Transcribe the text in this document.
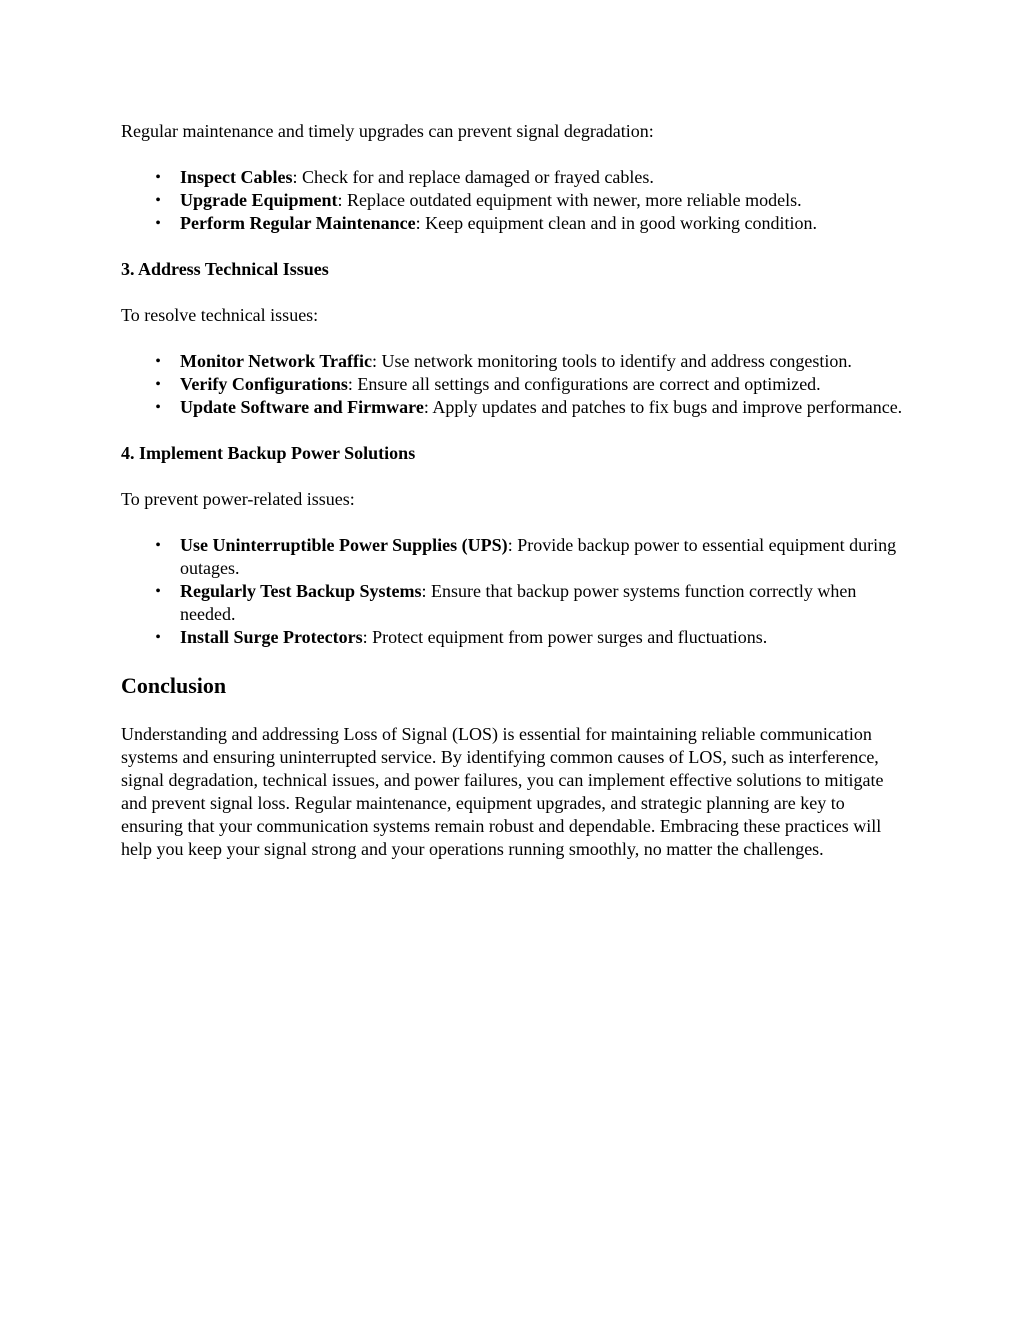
Regular maintenance and timely upgrades can prevent signal degradation:

•	Inspect Cables: Check for and replace damaged or frayed cables.
•	Upgrade Equipment: Replace outdated equipment with newer, more reliable models.
•	Perform Regular Maintenance: Keep equipment clean and in good working condition.

3. Address Technical Issues

To resolve technical issues:

•	Monitor Network Traffic: Use network monitoring tools to identify and address congestion.
•	Verify Configurations: Ensure all settings and configurations are correct and optimized.
•	Update Software and Firmware: Apply updates and patches to fix bugs and improve performance.

4. Implement Backup Power Solutions

To prevent power-related issues:

•	Use Uninterruptible Power Supplies (UPS): Provide backup power to essential equipment during outages.
•	Regularly Test Backup Systems: Ensure that backup power systems function correctly when needed.
•	Install Surge Protectors: Protect equipment from power surges and fluctuations.

Conclusion

Understanding and addressing Loss of Signal (LOS) is essential for maintaining reliable communication systems and ensuring uninterrupted service. By identifying common causes of LOS, such as interference, signal degradation, technical issues, and power failures, you can implement effective solutions to mitigate and prevent signal loss. Regular maintenance, equipment upgrades, and strategic planning are key to ensuring that your communication systems remain robust and dependable. Embracing these practices will help you keep your signal strong and your operations running smoothly, no matter the challenges.
